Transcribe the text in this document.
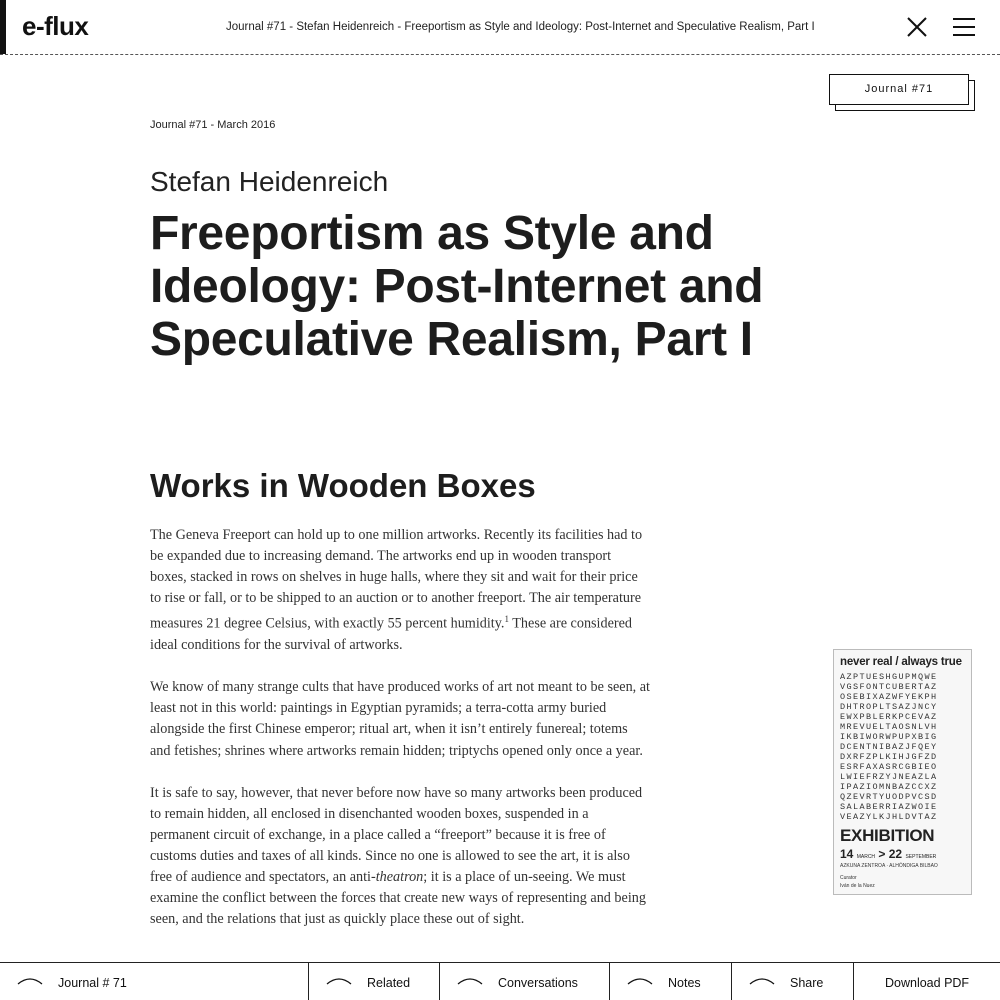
e-flux	Journal #71 - Stefan Heidenreich - Freeportism as Style and Ideology: Post-Internet and Speculative Realism, Part I
Journal #71
Journal #71 - March 2016
Stefan Heidenreich
Freeportism as Style and Ideology: Post-Internet and Speculative Realism, Part I
Works in Wooden Boxes

The Geneva Freeport can hold up to one million artworks. Recently its facilities had to be expanded due to increasing demand. The artworks end up in wooden transport boxes, stacked in rows on shelves in huge halls, where they sit and wait for their price to rise or fall, or to be shipped to an auction or to another freeport. The air temperature measures 21 degree Celsius, with exactly 55 percent humidity.$^1$ These are considered ideal conditions for the survival of artworks.

We know of many strange cults that have produced works of art not meant to be seen, at least not in this world: paintings in Egyptian pyramids; a terra-cotta army buried alongside the first Chinese emperor; ritual art, when it isn’t entirely funereal; totems and fetishes; shrines where artworks remain hidden; triptychs opened only once a year.

It is safe to say, however, that never before now have so many artworks been produced to remain hidden, all enclosed in disenchanted wooden boxes, suspended in a permanent circuit of exchange, in a place called a “freeport” because it is free of customs duties and taxes of all kinds. Since no one is allowed to see the art, it is also free of audience and spectators, an anti-theatron; it is a place of un-seeing. We must examine the conflict between the forces that create new ways of representing and being seen, and the relations that just as quickly place these out of sight.

never real / always true
AZPTUESHGUPMQWE
VGSFONTCUBERTAZ
OSEBIXAZWFYEKPH
DHTROPLTSAZJNCY
EWXPBLERKPCEVAZ
MREVUELTAOSNLVH
IKBIWORWPUPXBIG
DCENTNIBAZJFQEY
DXRFZPLKIHJGFZD
ESRFAXASRCGBIEO
LWIEFRZYJNEAZLA
IPAZIOMNBAZCCXZ
QZEVRTYUODPVCSD
SALABERRIAZWOIE
VEAZYLKJHLDVTAZ
EXHIBITION
14 MARCH > 22 SEPTEMBER
AZKUNA ZENTROA · ALHÓNDIGA BILBAO
Curator
Iván de la Nuez
Journal # 71	Related	Conversations	Notes	Share	Download PDF
